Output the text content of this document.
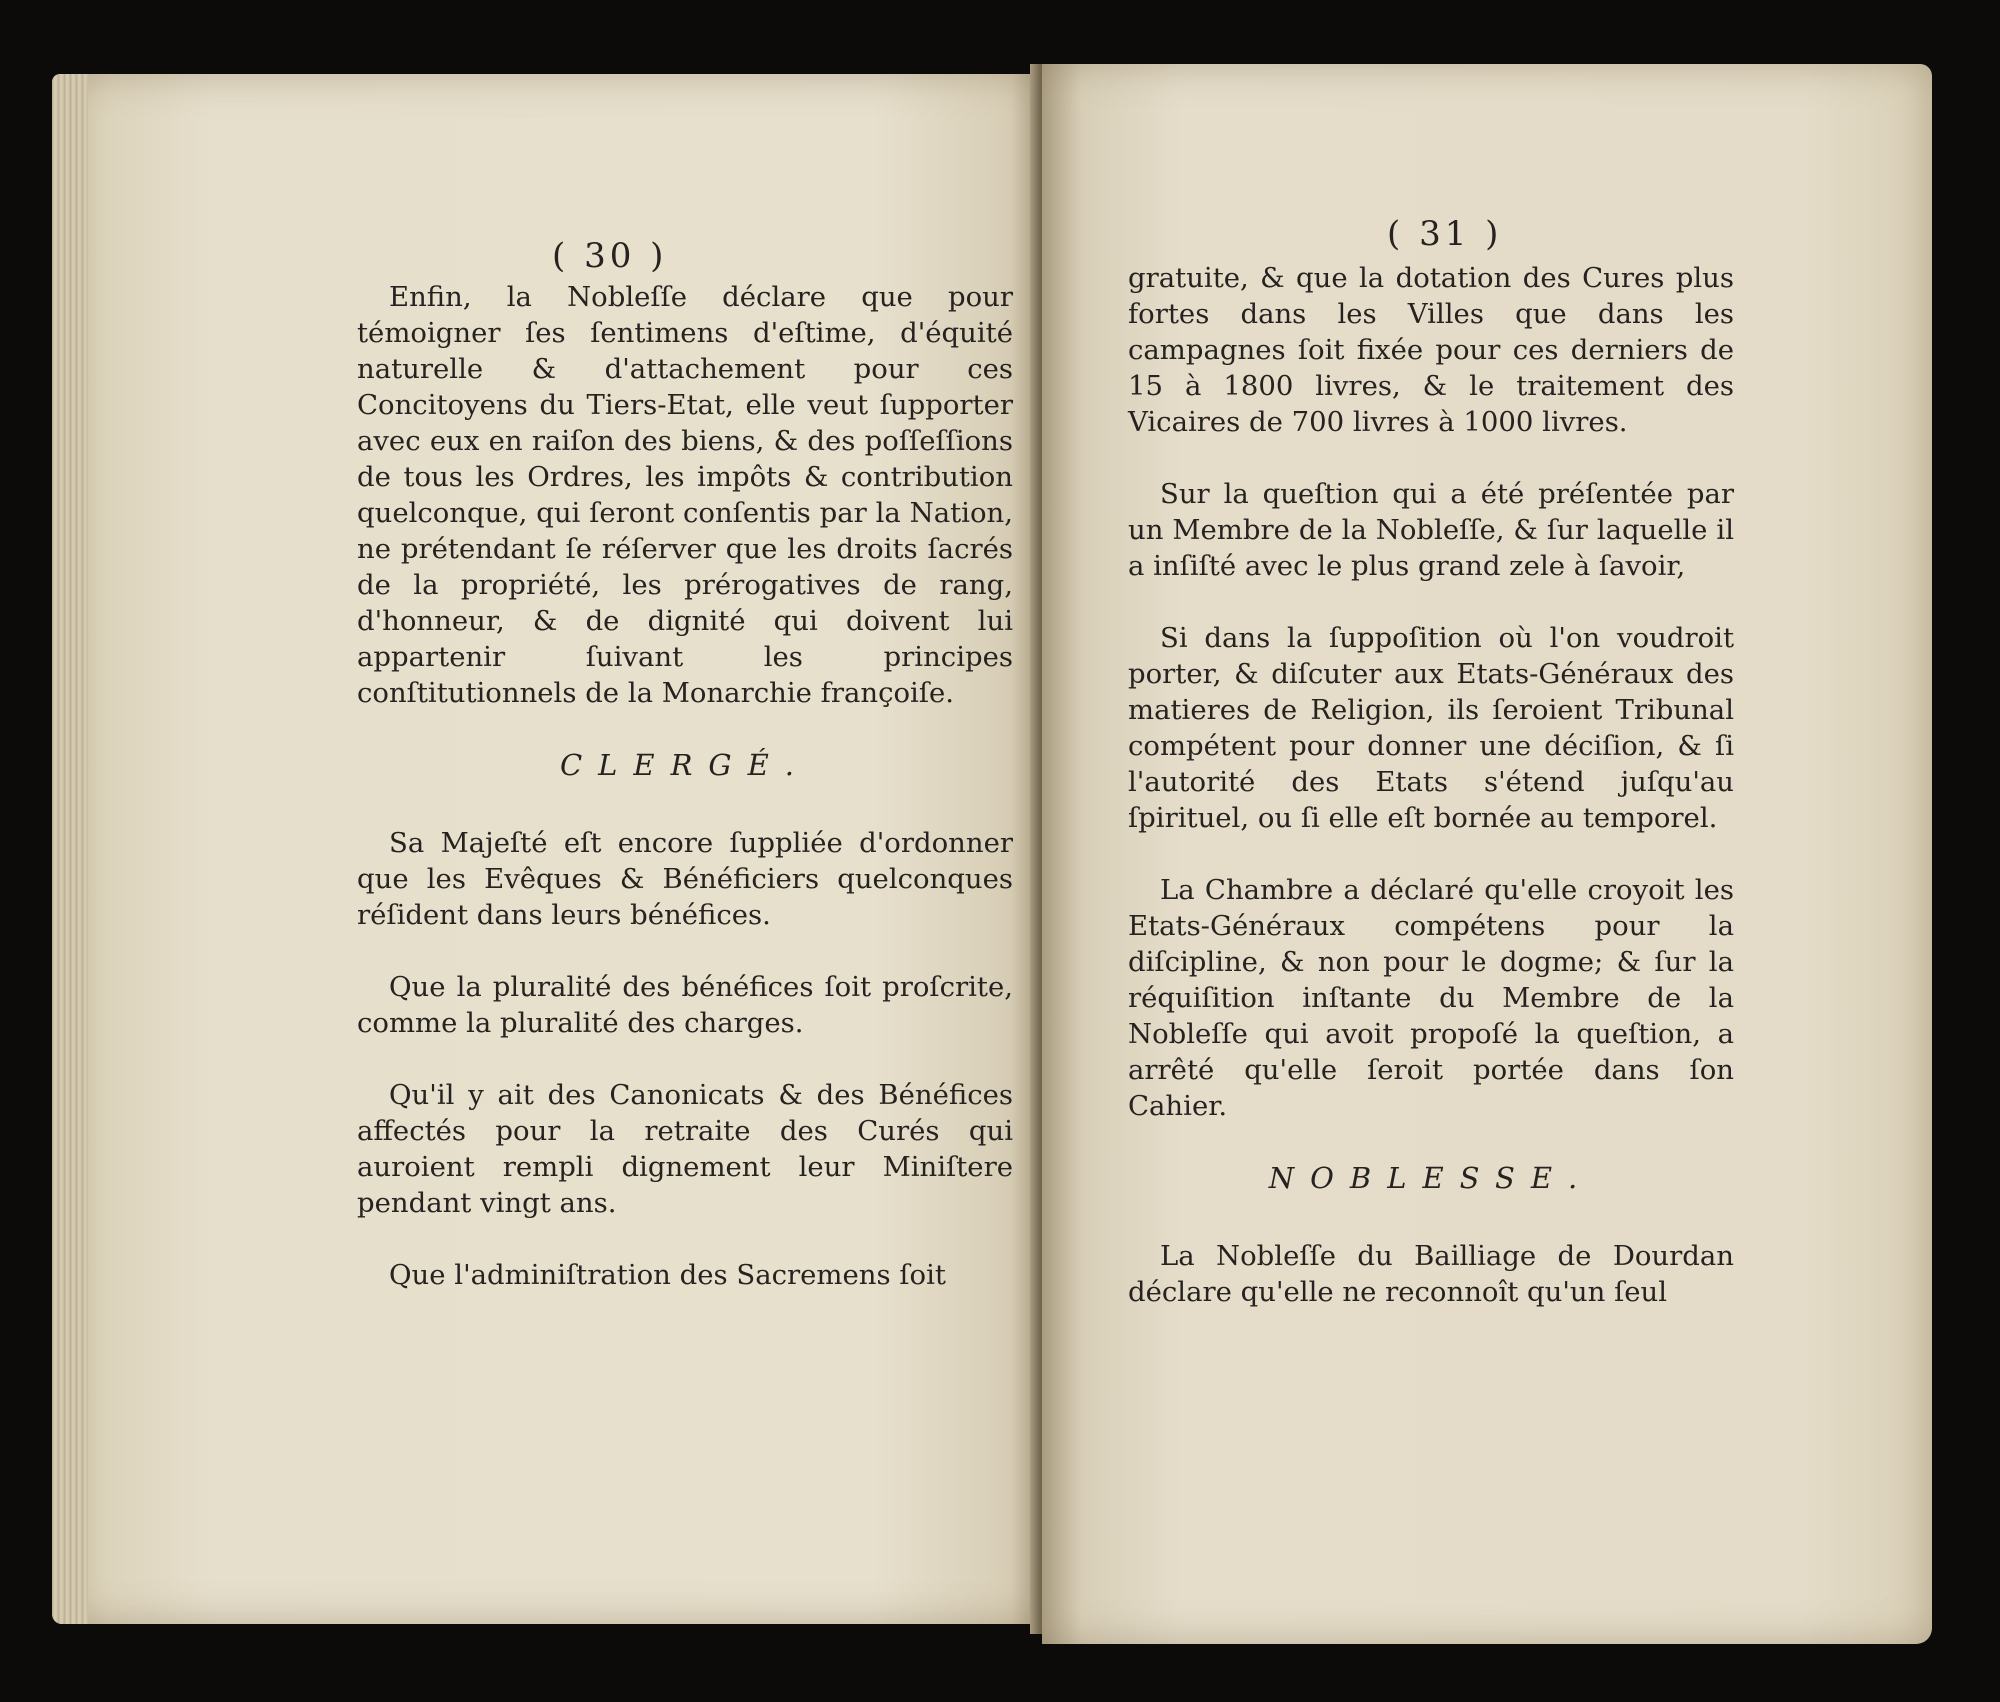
( 30 )

Enfin, la Nobleſſe déclare que pour témoigner ſes ſentimens d'eſtime, d'équité naturelle & d'attachement pour ces Concitoyens du Tiers-Etat, elle veut ſupporter avec eux en raiſon des biens, & des poſſeſſions de tous les Ordres, les impôts & contribution quelconque, qui ſeront conſentis par la Nation, ne prétendant ſe réſerver que les droits ſacrés de la propriété, les prérogatives de rang, d'honneur, & de dignité qui doivent lui appartenir ſuivant les principes conſtitutionnels de la Monarchie françoiſe.

CLERGÉ.

Sa Majeſté eſt encore ſuppliée d'ordonner que les Evêques & Bénéficiers quelconques réſident dans leurs bénéfices.

Que la pluralité des bénéfices ſoit proſcrite, comme la pluralité des charges.

Qu'il y ait des Canonicats & des Bénéfices affectés pour la retraite des Curés qui auroient rempli dignement leur Miniſtere pendant vingt ans.

Que l'adminiſtration des Sacremens ſoit

( 31 )

gratuite, & que la dotation des Cures plus fortes dans les Villes que dans les campagnes ſoit fixée pour ces derniers de 15 à 1800 livres, & le traitement des Vicaires de 700 livres à 1000 livres.

Sur la queſtion qui a été préſentée par un Membre de la Nobleſſe, & ſur laquelle il a inſiſté avec le plus grand zele à ſavoir,

Si dans la ſuppoſition où l'on voudroit porter, & diſcuter aux Etats-Généraux des matieres de Religion, ils ſeroient Tribunal compétent pour donner une déciſion, & ſi l'autorité des Etats s'étend juſqu'au ſpirituel, ou ſi elle eſt bornée au temporel.

La Chambre a déclaré qu'elle croyoit les Etats-Généraux compétens pour la diſcipline, & non pour le dogme; & ſur la réquiſition inſtante du Membre de la Nobleſſe qui avoit propoſé la queſtion, a arrêté qu'elle ſeroit portée dans ſon Cahier.

NOBLESSE.

La Nobleſſe du Bailliage de Dourdan déclare qu'elle ne reconnoît qu'un ſeul
